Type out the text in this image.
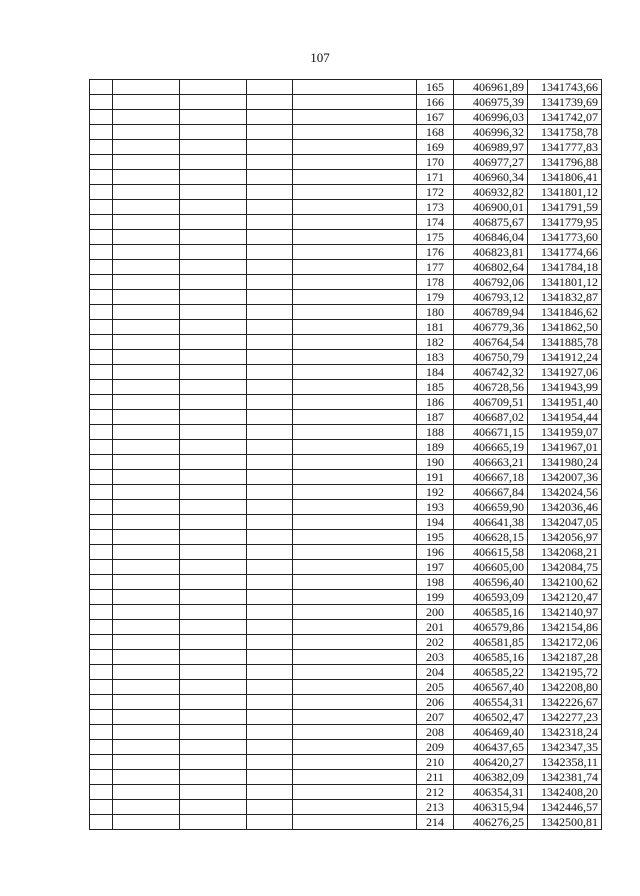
107
					165	406961,89	1341743,66
					166	406975,39	1341739,69
					167	406996,03	1341742,07
					168	406996,32	1341758,78
					169	406989,97	1341777,83
					170	406977,27	1341796,88
					171	406960,34	1341806,41
					172	406932,82	1341801,12
					173	406900,01	1341791,59
					174	406875,67	1341779,95
					175	406846,04	1341773,60
					176	406823,81	1341774,66
					177	406802,64	1341784,18
					178	406792,06	1341801,12
					179	406793,12	1341832,87
					180	406789,94	1341846,62
					181	406779,36	1341862,50
					182	406764,54	1341885,78
					183	406750,79	1341912,24
					184	406742,32	1341927,06
					185	406728,56	1341943,99
					186	406709,51	1341951,40
					187	406687,02	1341954,44
					188	406671,15	1341959,07
					189	406665,19	1341967,01
					190	406663,21	1341980,24
					191	406667,18	1342007,36
					192	406667,84	1342024,56
					193	406659,90	1342036,46
					194	406641,38	1342047,05
					195	406628,15	1342056,97
					196	406615,58	1342068,21
					197	406605,00	1342084,75
					198	406596,40	1342100,62
					199	406593,09	1342120,47
					200	406585,16	1342140,97
					201	406579,86	1342154,86
					202	406581,85	1342172,06
					203	406585,16	1342187,28
					204	406585,22	1342195,72
					205	406567,40	1342208,80
					206	406554,31	1342226,67
					207	406502,47	1342277,23
					208	406469,40	1342318,24
					209	406437,65	1342347,35
					210	406420,27	1342358,11
					211	406382,09	1342381,74
					212	406354,31	1342408,20
					213	406315,94	1342446,57
					214	406276,25	1342500,81
